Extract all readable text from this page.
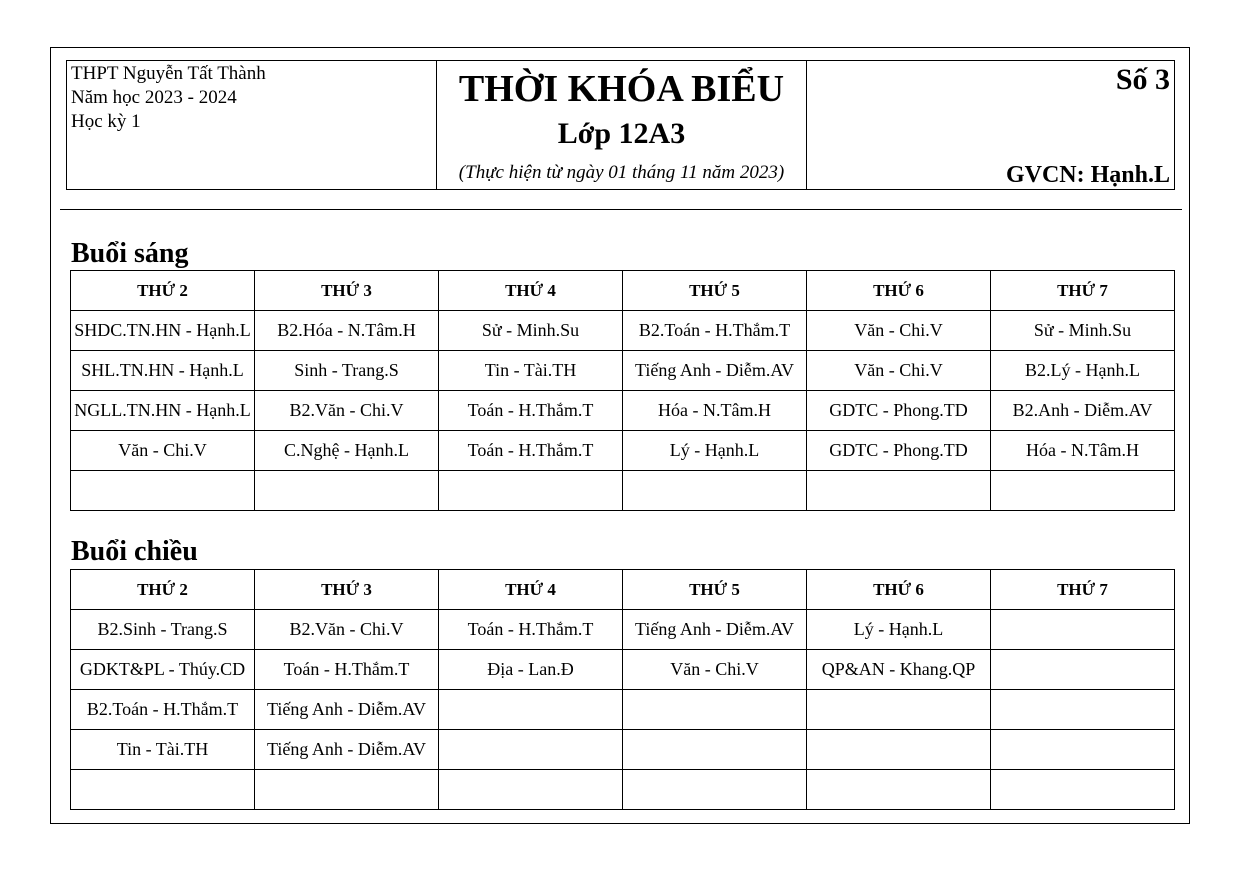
THPT Nguyễn Tất Thành
Năm học 2023 - 2024
Học kỳ 1

THỜI KHÓA BIỂU
Lớp 12A3
(Thực hiện từ ngày 01 tháng 11 năm 2023)

Số 3
GVCN: Hạnh.L
Buổi sáng
THỨ 2	THỨ 3	THỨ 4	THỨ 5	THỨ 6	THỨ 7
SHDC.TN.HN - Hạnh.L	B2.Hóa - N.Tâm.H	Sử - Minh.Su	B2.Toán - H.Thắm.T	Văn - Chi.V	Sử - Minh.Su
SHL.TN.HN - Hạnh.L	Sinh - Trang.S	Tin - Tài.TH	Tiếng Anh - Diễm.AV	Văn - Chi.V	B2.Lý - Hạnh.L
NGLL.TN.HN - Hạnh.L	B2.Văn - Chi.V	Toán - H.Thắm.T	Hóa - N.Tâm.H	GDTC - Phong.TD	B2.Anh - Diễm.AV
Văn - Chi.V	C.Nghệ - Hạnh.L	Toán - H.Thắm.T	Lý - Hạnh.L	GDTC - Phong.TD	Hóa - N.Tâm.H

Buổi chiều
THỨ 2	THỨ 3	THỨ 4	THỨ 5	THỨ 6	THỨ 7
B2.Sinh - Trang.S	B2.Văn - Chi.V	Toán - H.Thắm.T	Tiếng Anh - Diễm.AV	Lý - Hạnh.L	
GDKT&PL - Thúy.CD	Toán - H.Thắm.T	Địa - Lan.Đ	Văn - Chi.V	QP&AN - Khang.QP	
B2.Toán - H.Thắm.T	Tiếng Anh - Diễm.AV				
Tin - Tài.TH	Tiếng Anh - Diễm.AV				
